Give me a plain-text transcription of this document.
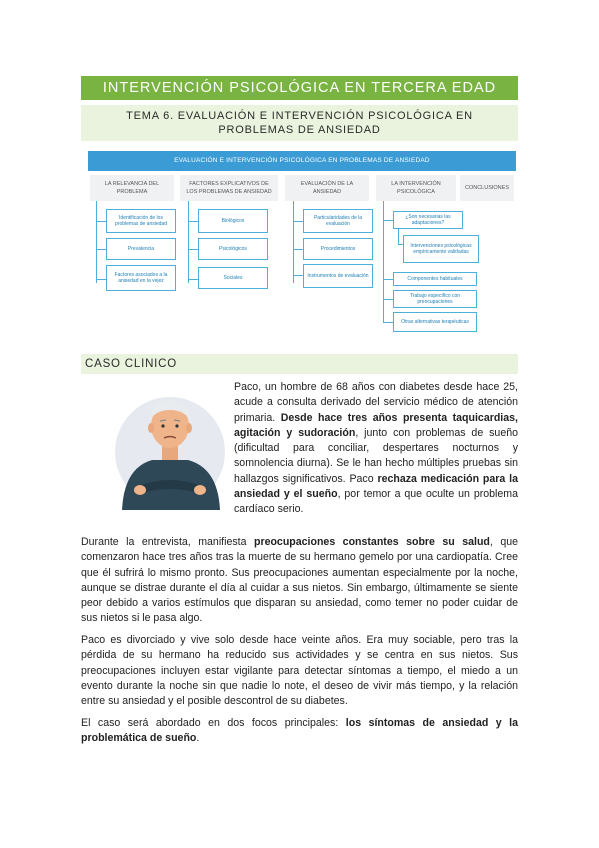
INTERVENCIÓN PSICOLÓGICA EN TERCERA EDAD
TEMA 6. EVALUACIÓN E INTERVENCIÓN PSICOLÓGICA EN
PROBLEMAS DE ANSIEDAD
EVALUACIÓN E INTERVENCIÓN PSICOLÓGICA EN PROBLEMAS DE ANSIEDAD
LA RELEVANCIA DEL PROBLEMA
FACTORES EXPLICATIVOS DE LOS PROBLEMAS DE ANSIEDAD
EVALUACIÓN DE LA ANSIEDAD
LA INTERVENCIÓN PSICOLÓGICA
CONCLUSIONES
Identificación de los problemas de ansiedad
Prevalencia
Factores asociados a la ansiedad en la vejez
Biológicos
Psicológicos
Sociales
Particularidades de la evaluación
Procedimientos
Instrumentos de evaluación
¿Son necesarias las adaptaciones?
Intervenciones psicológicas empíricamente validadas
Componentes habituales
Trabajo específico con preocupaciones
Otras alternativas terapéuticas
CASO CLINICO
Paco, un hombre de 68 años con diabetes desde hace 25, acude a consulta derivado del servicio médico de atención primaria. Desde hace tres años presenta taquicardias, agitación y sudoración, junto con problemas de sueño (dificultad para conciliar, despertares nocturnos y somnolencia diurna). Se le han hecho múltiples pruebas sin hallazgos significativos. Paco rechaza medicación para la ansiedad y el sueño, por temor a que oculte un problema cardíaco serio.
Durante la entrevista, manifiesta preocupaciones constantes sobre su salud, que comenzaron hace tres años tras la muerte de su hermano gemelo por una cardiopatía. Cree que él sufrirá lo mismo pronto. Sus preocupaciones aumentan especialmente por la noche, aunque se distrae durante el día al cuidar a sus nietos. Sin embargo, últimamente se siente peor debido a varios estímulos que disparan su ansiedad, como temer no poder cuidar de sus nietos si le pasa algo.
Paco es divorciado y vive solo desde hace veinte años. Era muy sociable, pero tras la pérdida de su hermano ha reducido sus actividades y se centra en sus nietos. Sus preocupaciones incluyen estar vigilante para detectar síntomas a tiempo, el miedo a un evento durante la noche sin que nadie lo note, el deseo de vivir más tiempo, y la relación entre su ansiedad y el posible descontrol de su diabetes.
El caso será abordado en dos focos principales: los síntomas de ansiedad y la problemática de sueño.
